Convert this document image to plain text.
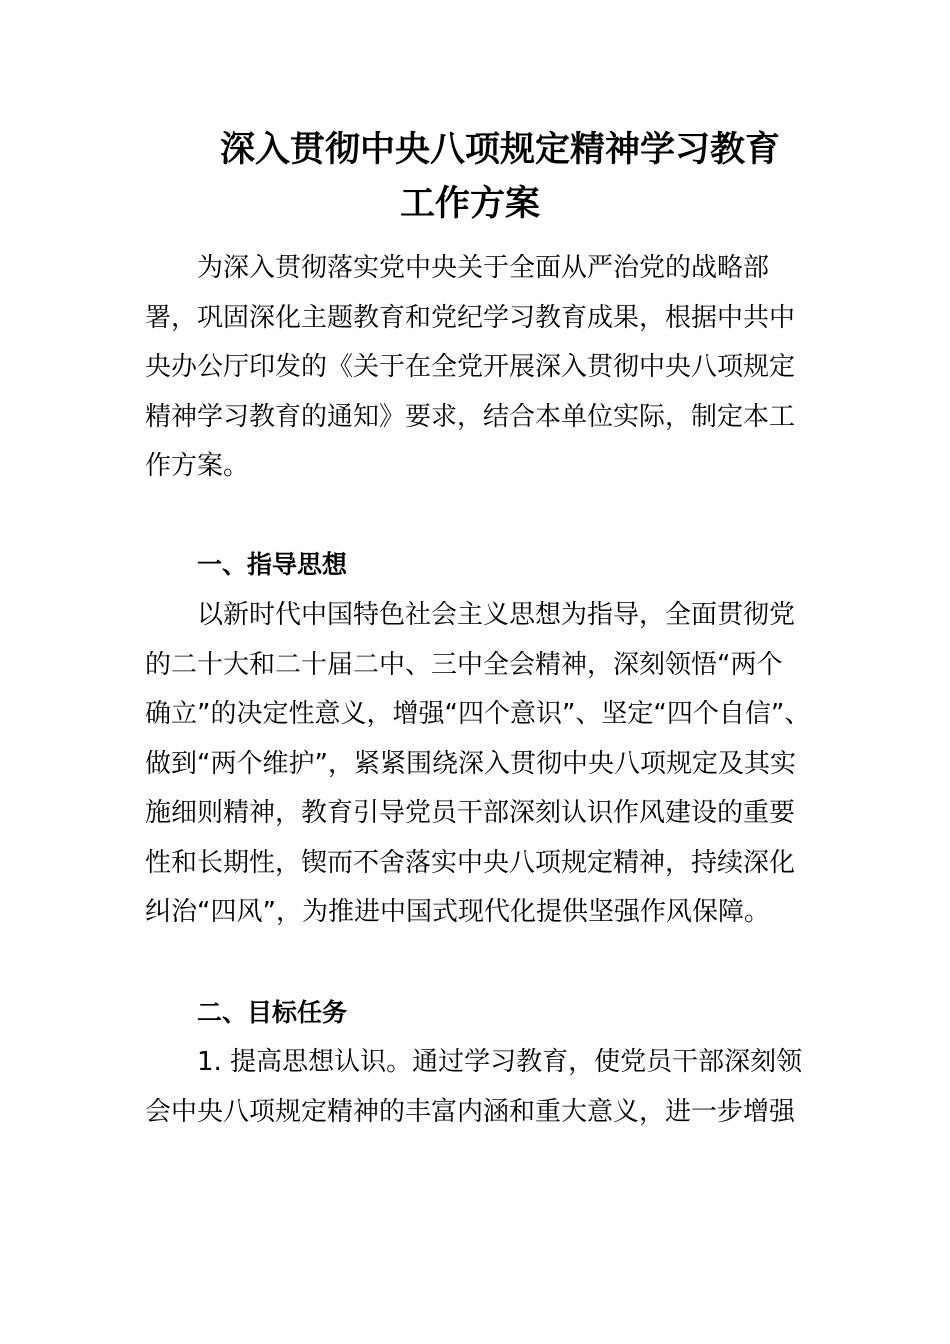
深入贯彻中央八项规定精神学习教育
工作方案
为深入贯彻落实党中央关于全面从严治党的战略部
署，巩固深化主题教育和党纪学习教育成果，根据中共中
央办公厅印发的《关于在全党开展深入贯彻中央八项规定
精神学习教育的通知》要求，结合本单位实际，制定本工
作方案。
一、指导思想
以新时代中国特色社会主义思想为指导，全面贯彻党
的二十大和二十届二中、三中全会精神，深刻领悟“两个
确立”的决定性意义，增强“四个意识”、坚定“四个自信”、
做到“两个维护”，紧紧围绕深入贯彻中央八项规定及其实
施细则精神，教育引导党员干部深刻认识作风建设的重要
性和长期性，锲而不舍落实中央八项规定精神，持续深化
纠治“四风”，为推进中国式现代化提供坚强作风保障。
二、目标任务
1. 提高思想认识。通过学习教育，使党员干部深刻领
会中央八项规定精神的丰富内涵和重大意义，进一步增强
